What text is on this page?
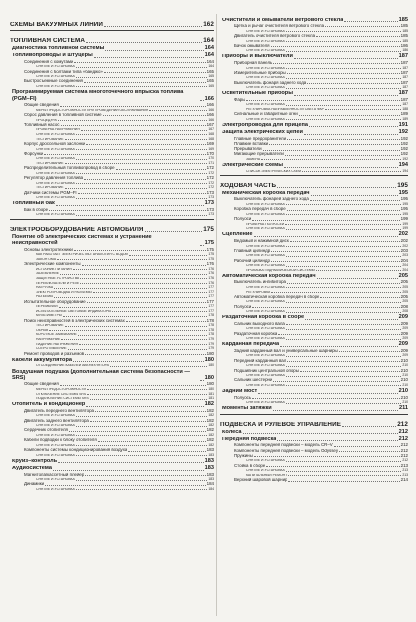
СХЕМЫ ВАКУУМНЫХ ЛИНИЙ	162
ТОПЛИВНАЯ СИСТЕМА	164
Диагностика топливной системы	164
Топливопроводы и штуцеры	164
Соединения с хомутами	164
СНЯТИЕ И УСТАНОВКА	164
Соединения с болтами типа «банджо»	165
СНЯТИЕ И УСТАНОВКА	165
Быстросъемные соединения	165
СНЯТИЕ И УСТАНОВКА	165
Программируемая система многоточечного впрыска топлива (PGM–FI)	166
Общие сведения	166
МЕРЫ ПРЕДОСТОРОЖНОСТИ ПРИ ПРОВЕДЕНИИ ОБСЛУЖИВАНИЯ	166
Сброс давления в топливной системе	166
ПРОЦЕДУРА	166
Топливный насос	167
ПРОВЕРКА НАПРЯЖЕНИЯ	167
СНЯТИЕ И УСТАНОВКА	168
ТЕСТИРОВАНИЕ	168
Корпус дроссельной заслонки	169
СНЯТИЕ И УСТАНОВКА	169
Форсунки	170
СНЯТИЕ И УСТАНОВКА	170
ТЕСТИРОВАНИЕ	171
Распределительный топливопровод в сборе	172
СНЯТИЕ И УСТАНОВКА	172
Регулятор давления топлива	172
СНЯТИЕ И УСТАНОВКА	172
ТЕСТИРОВАНИЕ	172
Датчики системы PGM–FI	173
СНЯТИЕ И УСТАНОВКА	173
Топливный бак	173
Бак в сборе	173
СНЯТИЕ И УСТАНОВКА	173
ЭЛЕКТРООБОРУДОВАНИЕ АВТОМОБИЛЯ	175
Понятие об электрических системах и устранение неисправностей	175
Основы электротехники	175
КАК РАБОТАЕТ ЭЛЕКТРИЧЕСТВО: АНАЛОГИЯ С ВОДОЙ	175
ЗАКОН ОМА	175
Электрические компоненты	176
ИСТОЧНИК ПИТАНИЯ	176
ЗАЗЕМЛЕНИЕ	176
ЗАЩИТНЫЕ УСТРОЙСТВА	176
ПЕРЕКЛЮЧАТЕЛИ И РЕЛЕ	176
НАГРУЗКА	177
ЭЛЕКТРОПРОВОДКА И РАЗЪЕМЫ	177
РАЗЪЕМЫ	177
Испытательное оборудование	177
ПЕРЕМЫЧКИ	177
ИСПЫТАТЕЛЬНЫЕ СВЕТОВЫЕ ИНДИКАТОРЫ	177
МУЛЬТИМЕТРЫ	178
Поиск неисправностей в электрических системах	178
ТЕСТИРОВАНИЕ	178
ОБРЫВ	178
КОРОТКОЕ ЗАМЫКАНИЕ	178
НАПРЯЖЕНИЕ	179
ПАДЕНИЕ НАПРЯЖЕНИЯ	179
СОПРОТИВЛЕНИЕ	179
Ремонт проводов и разъемов	180
Кабели аккумулятора	180
ОТСОЕДИНЕНИЕ КАБЕЛЕЙ АККУМУЛЯТОРА	180
Воздушная подушка (дополнительная система безопасности — SRS)	180
Общие сведения	180
МЕРЫ ПРЕДОСТОРОЖНОСТИ	180
ОТКЛЮЧЕНИЕ СИСТЕМЫ SRS	181
ПОДКЛЮЧЕНИЕ СИСТЕМЫ SRS	181
Отопитель и кондиционер	182
Двигатель переднего вентилятора	182
СНЯТИЕ И УСТАНОВКА	182
Двигатель заднего вентилятора	182
СНЯТИЕ И УСТАНОВКА	182
Сердечник отопителя	182
СНЯТИЕ И УСТАНОВКА	182
Кабели подводки к блоку отопителя	182
СНЯТИЕ И УСТАНОВКА	182
Компоненты системы кондиционирования воздуха	183
СНЯТИЕ И УСТАНОВКА	183
Круиз–контроль	183
Аудиосистема	183
Магнитола/кассетный плейер	183
СНЯТИЕ И УСТАНОВКА	183
Динамики	184
СНЯТИЕ И УСТАНОВКА	184
Очистители и омыватели ветрового стекла	185
Щетка и рычаг очистителя ветрового стекла	185
СНЯТИЕ И УСТАНОВКА	185
Двигатель очистителя ветрового стекла	185
СНЯТИЕ И УСТАНОВКА	185
Бачок омывателя	186
СНЯТИЕ И УСТАНОВКА	186
Приборы и выключатели	187
Приборная панель	187
СНЯТИЕ И УСТАНОВКА	187
Измерительные приборы	187
СНЯТИЕ И УСТАНОВКА	187
Выключатель фонаря заднего хода	187
СНЯТИЕ И УСТАНОВКА	187
Осветительные приборы	187
Фары	187
СНЯТИЕ И УСТАНОВКА	187
РЕГУЛИРОВКА НАПРАВЛЕННОСТИ СВЕТА ФАР	188
Сигнальные и габаритные огни	189
СНЯТИЕ И УСТАНОВКА	189
Электропроводка для прицепа	191
Защита электрических цепей	192
Главные предохранители	192
Плавкие вставки	192
Прерыватели	192
Мигающие прерыватели	192
ЗАМЕНА	192
Электрические схемы	194
СПИСОК ЭЛЕКТРИЧЕСКИХ СХЕМ	194
ХОДОВАЯ ЧАСТЬ	195
Механическая коробка передач	195
Выключатель фонарей заднего хода	195
СНЯТИЕ И УСТАНОВКА	195
Коробка передач в сборе	195
СНЯТИЕ И УСТАНОВКА	195
Полуоси	199
ПРОВЕРКА ПОЛУОСЕЙ	199
СНЯТИЕ И УСТАНОВКА	199
Сцепление	202
Ведомый и нажимной диск	202
СНЯТИЕ И УСТАНОВКА	202
Главный цилиндр	203
СНЯТИЕ И УСТАНОВКА	203
Рабочий цилиндр	204
СНЯТИЕ И УСТАНОВКА	204
ПРОКАЧКА ГИДРАВЛИЧЕСКОЙ СИСТЕМЫ	204
Автоматическая коробка передач	205
Выключатель ингибитора	205
СНЯТИЕ И УСТАНОВКА	205
РЕГУЛИРОВКА	205
Автоматическая коробка передач в сборе	205
СНЯТИЕ И УСТАНОВКА	205
Полуоси	208
СНЯТИЕ И УСТАНОВКА	208
Раздаточная коробка в сборе	209
Сальник выходного вала	209
СНЯТИЕ И УСТАНОВКА	209
Раздаточная коробка	209
СНЯТИЕ И УСТАНОВКА	209
Карданная передача	209
Задний карданный вал и универсальные шарниры	209
СНЯТИЕ И УСТАНОВКА	209
Передний карданный вал	210
СНЯТИЕ И УСТАНОВКА	210
Подшипник центральной опоры	210
СНЯТИЕ И УСТАНОВКА	210
Сальник шестерни	210
СНЯТИЕ И УСТАНОВКА	210
Задний мост	210
Полуось	210
СНЯТИЕ И УСТАНОВКА	210
Моменты затяжки	211
ПОДВЕСКА И РУЛЕВОЕ УПРАВЛЕНИЕ	212
Колеса	212
Передняя подвеска	212
Компоненты передней подвески – модель CR–V	212
Компоненты передней подвески – модель Odyssey	212
Пружины	212
СНЯТИЕ И УСТАНОВКА	212
Стойка в сборе	213
СНЯТИЕ И УСТАНОВКА	213
КАПИТАЛЬНЫЙ РЕМОНТ	213
Верхний шаровой шарнир	214
